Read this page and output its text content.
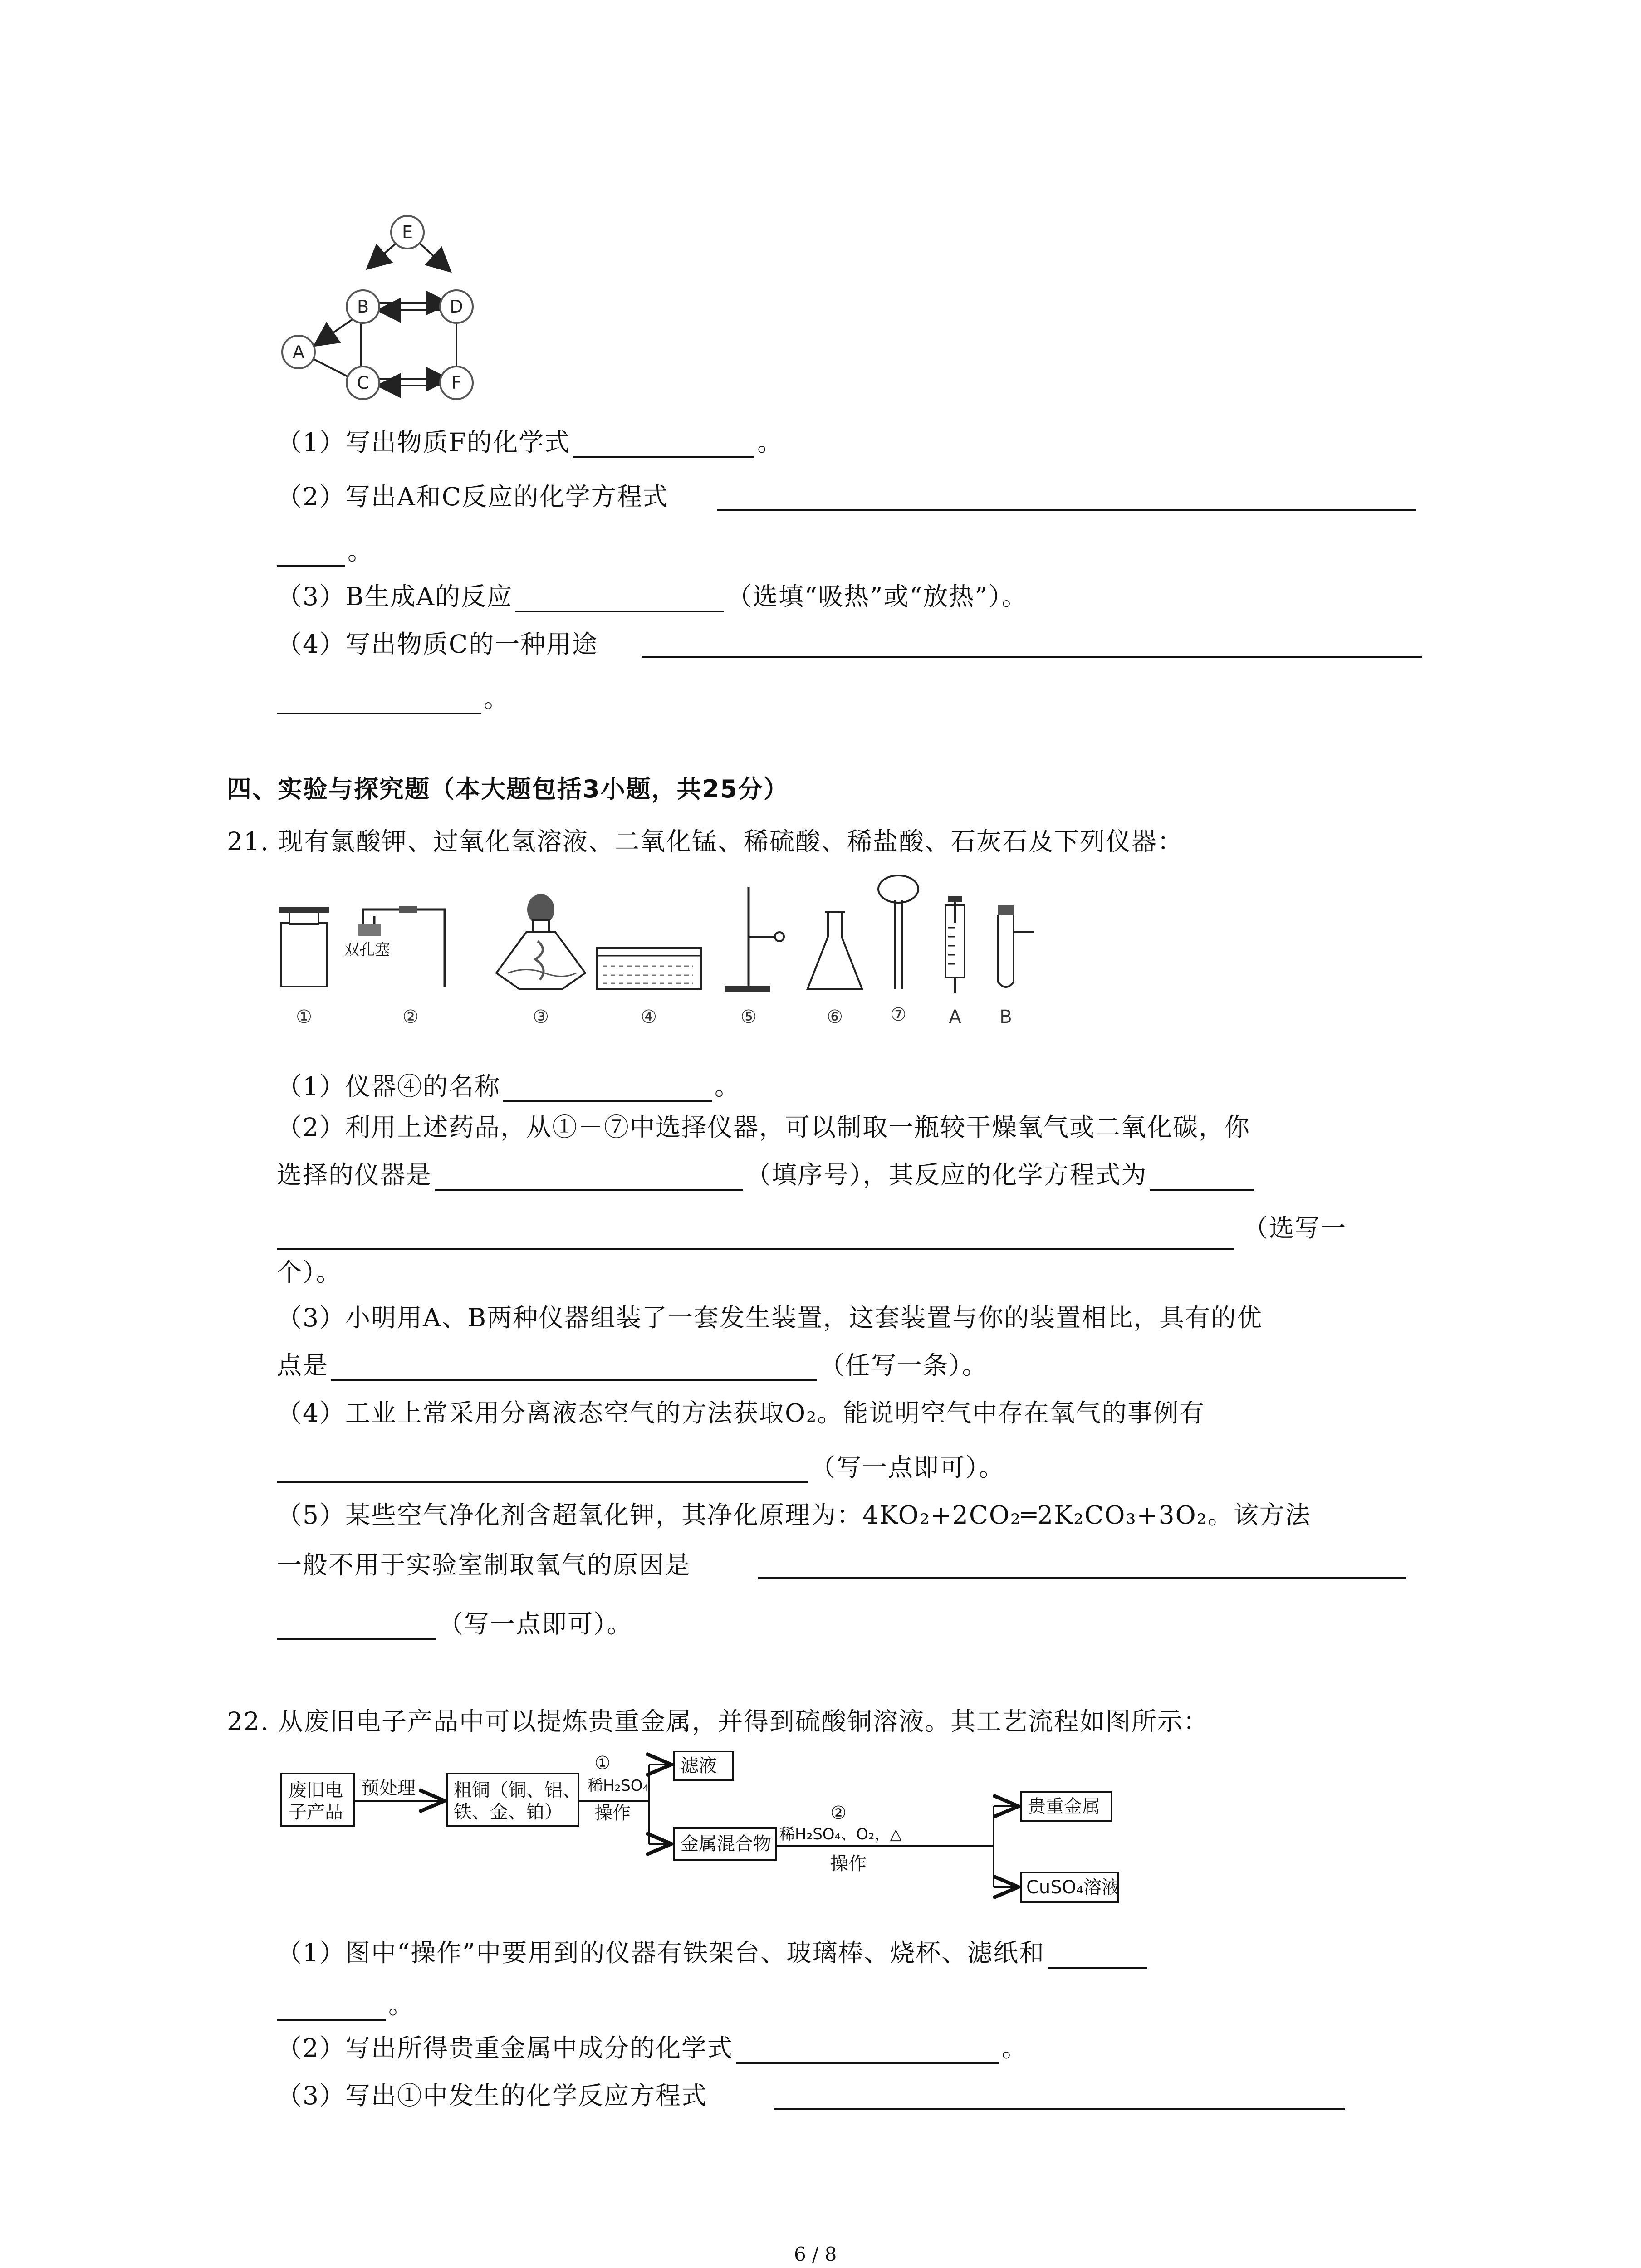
E
B	D
A
C	F
（1）写出物质F的化学式	。
（2）写出A和C反应的化学方程式
。
（3）B生成A的反应	（选填“吸热”或“放热”）。
（4）写出物质C的一种用途
。
四、实验与探究题（本大题包括3小题，共25分）
21. 现有氯酸钾、过氧化氢溶液、二氧化锰、稀硫酸、稀盐酸、石灰石及下列仪器：
双孔塞
①	②	③	④	⑤	⑥	⑦ A B
（1）仪器④的名称	。
（2）利用上述药品，从①－⑦中选择仪器，可以制取一瓶较干燥氧气或二氧化碳，你
选择的仪器是	（填序号），其反应的化学方程式为
（选写一
个）。
（3）小明用A、B两种仪器组装了一套发生装置，这套装置与你的装置相比，具有的优
点是	（任写一条）。
（4）工业上常采用分离液态空气的方法获取O₂。能说明空气中存在氧气的事例有
（写一点即可）。
（5）某些空气净化剂含超氧化钾，其净化原理为：4KO₂+2CO₂═2K₂CO₃+3O₂。该方法
一般不用于实验室制取氧气的原因是
（写一点即可）。
22. 从废旧电子产品中可以提炼贵重金属，并得到硫酸铜溶液。其工艺流程如图所示：
废旧电
子产品
预处理 粗铜（铜、铝、
铁、金、铂）
①
稀H₂SO₄
操作
滤液
金属混合物
②
稀H₂SO₄、O₂，△
操作
贵重金属
CuSO₄溶液
（1）图中“操作”中要用到的仪器有铁架台、玻璃棒、烧杯、滤纸和
。
（2）写出所得贵重金属中成分的化学式	。
（3）写出①中发生的化学反应方程式
6 / 8
